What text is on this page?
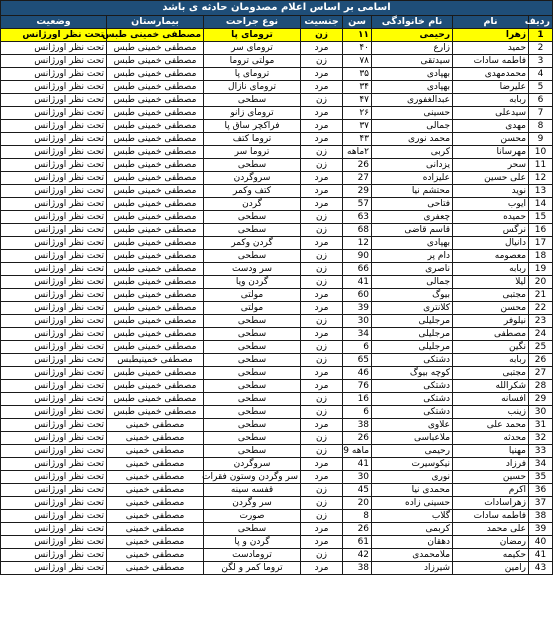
اسامی بر اساس اعلام مصدومان حادثه ی باشد							
ردیف	نام	نام خانوادگی	سن	جنسیت	نوع جراحت	بیمارستان	وضعیت
1	زهرا	رحیمی	۱۱	زن	ترومای پا	مصطفی خمینی طبس	تحت نظر اورژانس
2	حمید	زارع	۴۰	مرد	ترومای سر	مصطفی خمینی طبس	تحت نظر اورژانس
3	فاطمه سادات	سیدتقی	۷۸	زن	مولتی تروما	مصطفی خمینی طبس	تحت نظر اورژانس
4	محمدمهدی	بهپادی	۳۵	مرد	ترومای پا	مصطفی خمینی طبس	تحت نظر اورژانس
5	علیرضا	بهپادی	۳۴	مرد	ترومای نازال	مصطفی خمینی طبس	تحت نظر اورژانس
6	ربابه	عبدالغفوری	۴۷	زن	سطحی	مصطفی خمینی طبس	تحت نظر اورژانس
7	سیدعلی	حسینی	۲۶	مرد	ترومای زانو	مصطفی خمینی طبس	تحت نظر اورژانس
8	مهدی	جمالی	۳۷	مرد	فراکچر ساق پا	مصطفی خمینی طبس	تحت نظر اورژانس
9	محسن	محمد نوری	۴۳	مرد	تروما کتف	مصطفی خمینی طبس	تحت نظر اورژانس
10	مهرسانا	کربی	۲ماهه	زن	تروما سر	مصطفی خمینی طبس	تحت نظر اورژانس
11	سحر	یزدانی	26	زن	سطحی	مصطفی خمینی طبس	تحت نظر اورژانس
12	علی حسین	علیزاده	27	مرد	سروگردن	مصطفی خمینی طبس	تحت نظر اورژانس
13	نوید	محتشم نیا	29	مرد	کتف وکمر	مصطفی خمینی طبس	تحت نظر اورژانس
14	ایوب	فتاحی	57	مرد	گردن	مصطفی خمینی طبس	تحت نظر اورژانس
15	حمیده	چعفری	63	زن	سطحی	مصطفی خمینی طبس	تحت نظر اورژانس
16	نرگس	قاسم قاضی	68	زن	سطحی	مصطفی خمینی طبس	تحت نظر اورژانس
17	دانیال	بهپادی	12	مرد	گردن وکمر	مصطفی خمینی طبس	تحت نظر اورژانس
18	معصومه	دام پر	90	زن	سطحی	مصطفی خمینی طبس	تحت نظر اورژانس
19	ربابه	ناصری	66	زن	سر ودست	مصطفی خمینی طبس	تحت نظر اورژانس
20	لیلا	جمالی	41	زن	گردن ویا	مصطفی خمینی طبس	تحت نظر اورژانس
21	مجتبی	بیوگ	60	مرد	مولتی	مصطفی خمینی طبس	تحت نظر اورژانس
22	محسن	کلانتری	39	مرد	مولتی	مصطفی خمینی طبس	تحت نظر اورژانس
23	نیلوفر	مرجلیلی	30	زن	سطحی	مصطفی خمینی طبس	تحت نظر اورژانس
24	مصطفی	مرجلیلی	34	مرد	سطحی	مصطفی خمینی طبس	تحت نظر اورژانس
25	نگین	مرجلیلی	6	زن	سطحی	مصطفی خمینی طبس	تحت نظر اورژانس
26	ربابه	دشتکی	65	زن	سطحی	مصطفی خمینیطبس	تحت نظر اورژانس
27	مجتبی	کوچه بیوگ	46	مرد	سطحی	مصطفی خمینی طبس	تحت نظر اورژانس
28	شکرالله	دشتکی	76	مرد	سطحی	مصطفی خمینی طبس	تحت نظر اورژانس
29	افسانه	دشتکی	16	زن	سطحی	مصطفی خمینی طبس	تحت نظر اورژانس
30	زینب	دشتکی	6	زن	سطحی	مصطفی خمینی طبس	تحت نظر اورژانس
31	محمد علی	علاوی	38	مرد	سطحی	مصطفی خمینی	تحت نظر اورژانس
32	محدثه	ملاعباسی	26	زن	سطحی	مصطفی خمینی	تحت نظر اورژانس
33	مهنیا	رحیمی	ماهه 9	زن	سطحی	مصطفی خمینی	تحت نظر اورژانس
34	فرزاد	نیکوسیرت	41	مرد	سروگردن	مصطفی خمینی	تحت نظر اورژانس
35	حسین	نوری	30	مرد	سر وگردن وستون فقرات	مصطفی خمینی	تحت نظر اورژانس
36	اکرم	محمدی نیا	45	زن	قفسه سینه	مصطفی خمینی	تحت نظر اورژانس
37	زهراسادات	حسینی زاده	20	زن	سر وگردن	مصطفی خمینی	تحت نظر اورژانس
38	فاطمه سادات	گلاب	8	زن	صورت	مصطفی خمینی	تحت نظر اورژانس
39	علی محمد	کربمی	26	مرد	سطحی	مصطفی خمینی	تحت نظر اورژانس
40	رمضان	دهقان	61	مرد	گردن و پا	مصطفی خمینی	تحت نظر اورژانس
41	حکیمه	ملامحمدی	42	زن	ترومادست	مصطفی خمینی	تحت نظر اورژانس
43	رامین	شیرزاد	38	مرد	تروما کمر و لگن	مصطفی خمینی	تحت نظر اورژانس
